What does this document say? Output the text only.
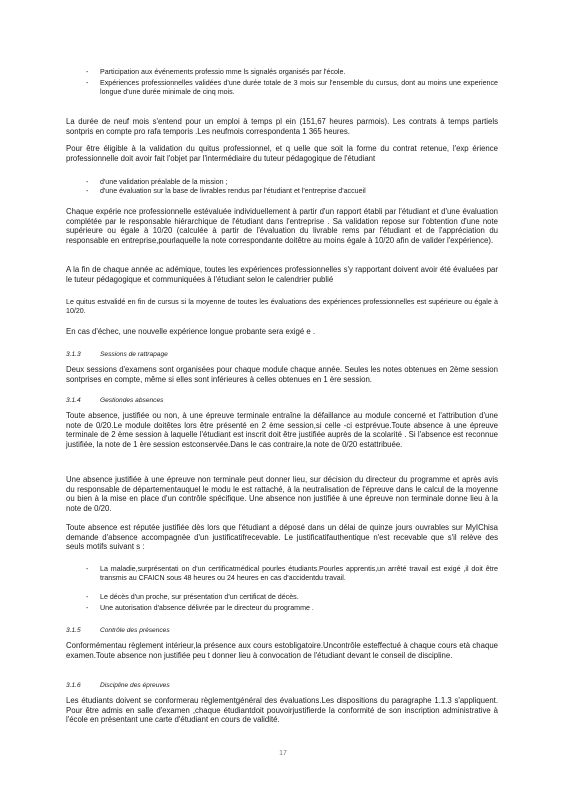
- Participation aux événements professio mme ls signalés organisés par l'école.

- Expériences professionnelles validées d'une durée totale de 3 mois sur l'ensemble du cursus, dont au moins une experience longue d'une durée minimale de cinq mois.

La durée de neuf mois s'entend pour un emploi à temps pl ein (151,67 heures parmois). Les contrats à temps partiels sontpris en compte pro rafa temporis .Les neufmois correspondenta 1 365 heures.

Pour être éligible à la validation du quitus professionnel, et q uelle que soit la forme du contrat retenue, l'exp érience professionnelle doit avoir fait l'objet par l'intermédiaire du tuteur pédagogique de l'étudiant

- d'une validation préalable de la mission ;

- d'une évaluation sur la base de livrables rendus par l'étudiant et l'entreprise d'accueil

Chaque expérie nce professionnelle estévaluée individuellement à partir d'un rapport établi par l'étudiant et d'une évaluation complétée par le responsable hiérarchique de l'étudiant dans l'entreprise . Sa validation repose sur l'obtention d'une note supérieure ou égale à 10/20 (calculée à partir de l'évaluation du livrable rems par l'étudiant et de l'appréciation du responsable en entreprise,pourlaquelle la note correspondante doitêtre au moins égale à 10/20 afin de valider l'expérience).

A la fin de chaque année ac adémique, toutes les expériences professionnelles s'y rapportant doivent avoir été évaluées par le tuteur pédagogique et communiquées à l'étudiant selon le calendrier publié

Le quitus estvalidé en fin de cursus si la moyenne de toutes les évaluations des expériences professionnelles est supérieure ou égale à 10/20.

En cas d'échec, une nouvelle expérience longue probante sera exigé e .

3.1.3	Sessions de rattrapage

Deux sessions d'examens sont organisées pour chaque module chaque année. Seules les notes obtenues en 2ème session sontprises en compte, même si elles sont inférieures à celles obtenues en 1 ère session.

3.1.4	Gestiondes absences

Toute absence, justifiée ou non, à une épreuve terminale entraîne la défaillance au module concerné et l'attribution d'une note de 0/20.Le module doitêtes lors être présenté en 2 ème session,si celle -ci estprévue.Toute absence à une épreuve terminale de 2 ème session à laquelle l'étudiant est inscrit doit être justifiée auprès de la scolarité . Si l'absence est reconnue justifiée, la note de 1 ère session estconservée.Dans le cas contraire,la note de 0/20 estattribuée.

Une absence justifiée à une épreuve non terminale peut donner lieu, sur décision du directeur du programme et après avis du responsable de départementauquel le modu le est rattaché, à la neutralisation de l'épreuve dans le calcul de la moyenne ou bien à la mise en place d'un contrôle spécifique. Une absence non justifiée à une épreuve non terminale donne lieu à la note de 0/20.

Toute absence est réputée justifiée dès lors que l'étudiant a déposé dans un délai de quinze jours ouvrables sur MyIChisa demande d'absence accompagnée d'un justificatifrecevable. Le justificatifauthentique n'est recevable que s'il relève des seuls motifs suivant s :

- La maladie,surprésentati on d'un certificatmédical pourles étudiants.Pourles apprentis,un arrêté travail est exigé ,il doit être transmis au CFAICN sous 48 heures ou 24 heures en cas d'accidentdu travail.

- Le décès d'un proche, sur présentation d'un certificat de décès.

- Une autorisation d'absence délivrée par le directeur du programme .

3.1.5	Contrôle des présences

Conformémentau règlement intérieur,la présence aux cours estobligatoire.Uncontrôle esteffectué à chaque cours età chaque examen.Toute absence non justifiée peu t donner lieu à convocation de l'étudiant devant le conseil de discipline.

3.1.6	Discipline des épreuves

Les étudiants doivent se conformerau règlementgénéral des évaluations.Les dispositions du paragraphe 1.1.3 s'appliquent. Pour être admis en salle d'examen ,chaque étudiantdoit pouvoirjustifierde la conformité de son inscription administrative à l'école en présentant une carte d'étudiant en cours de validité.

17
